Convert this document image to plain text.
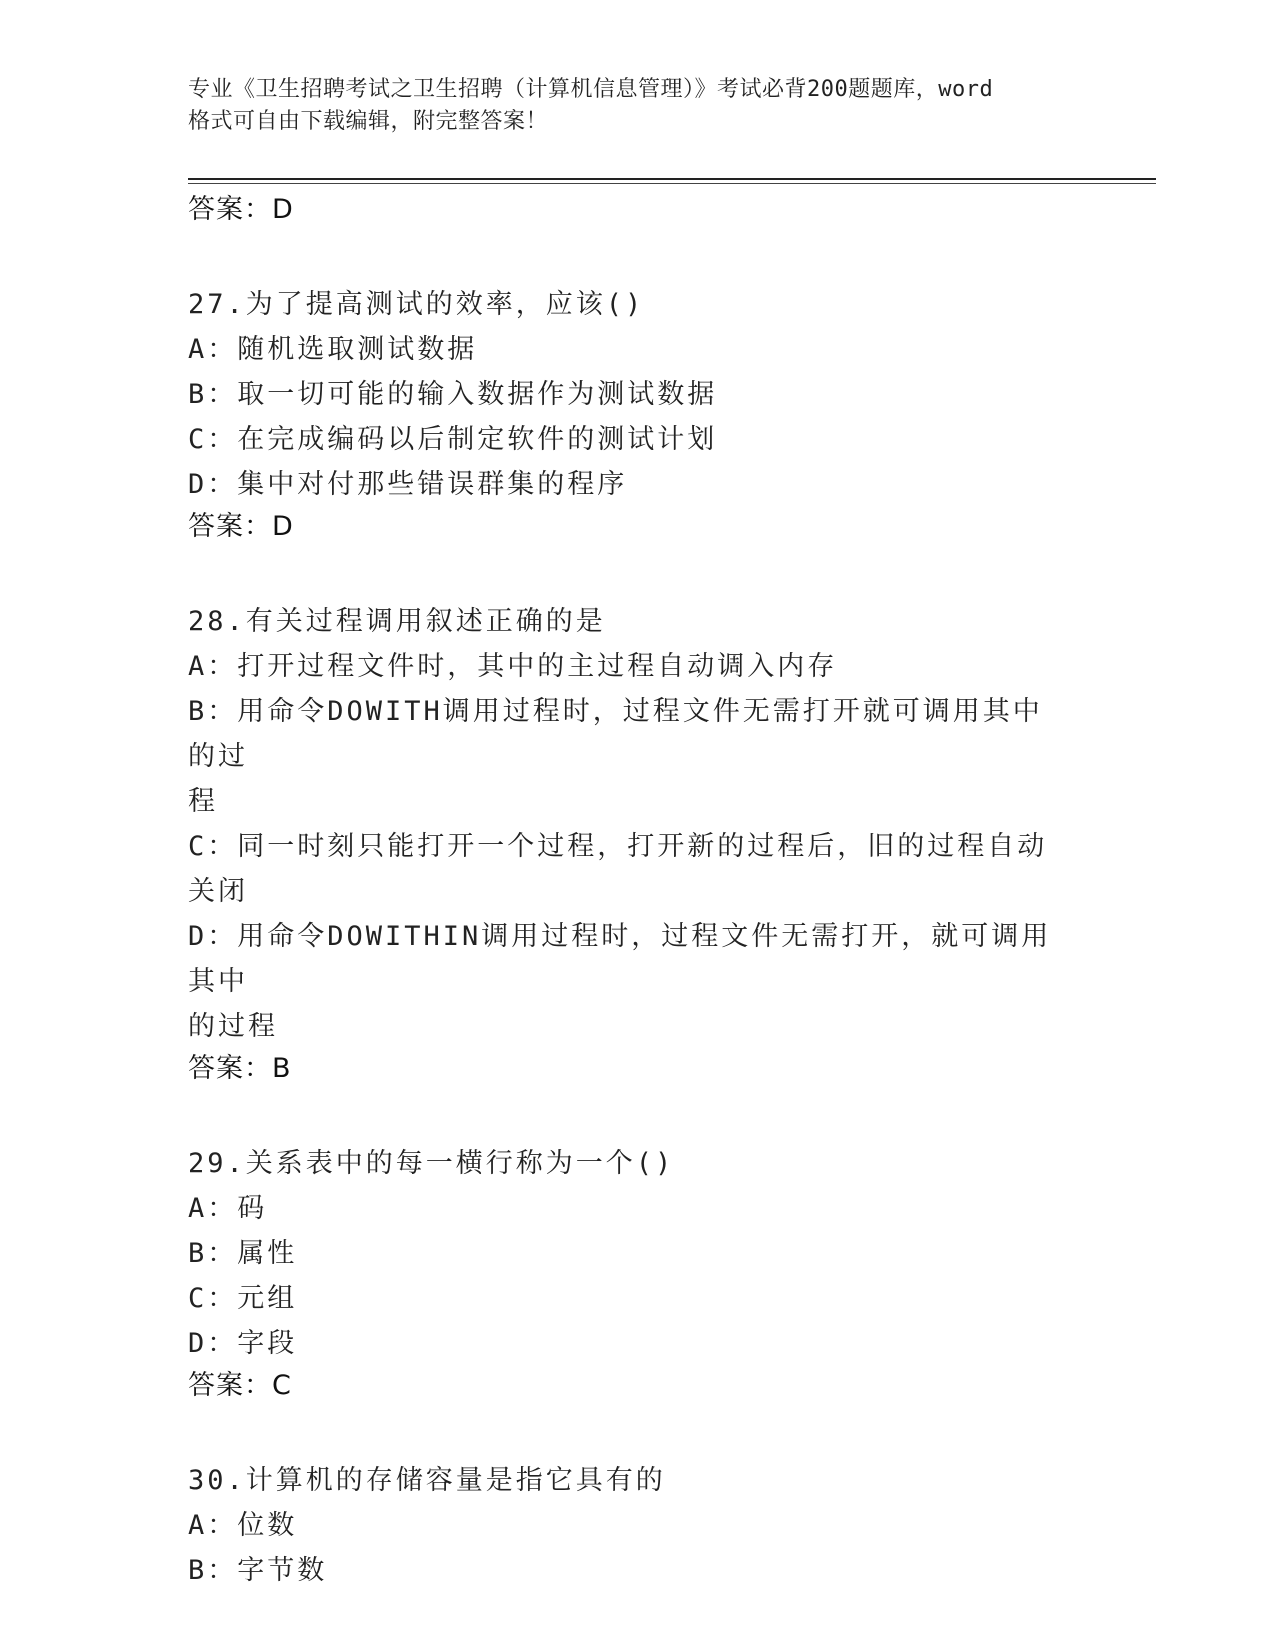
专业《卫生招聘考试之卫生招聘（计算机信息管理）》考试必背200题题库，word
格式可自由下载编辑，附完整答案！
答案：D
27.为了提高测试的效率，应该()
A：随机选取测试数据
B：取一切可能的输入数据作为测试数据
C：在完成编码以后制定软件的测试计划
D：集中对付那些错误群集的程序
答案：D
28.有关过程调用叙述正确的是
A：打开过程文件时，其中的主过程自动调入内存
B：用命令DOWITH调用过程时，过程文件无需打开就可调用其中的过
程
C：同一时刻只能打开一个过程，打开新的过程后，旧的过程自动关闭
D：用命令DOWITHIN调用过程时，过程文件无需打开，就可调用其中
的过程
答案：B
29.关系表中的每一横行称为一个()
A：码
B：属性
C：元组
D：字段
答案：C
30.计算机的存储容量是指它具有的
A：位数
B：字节数
